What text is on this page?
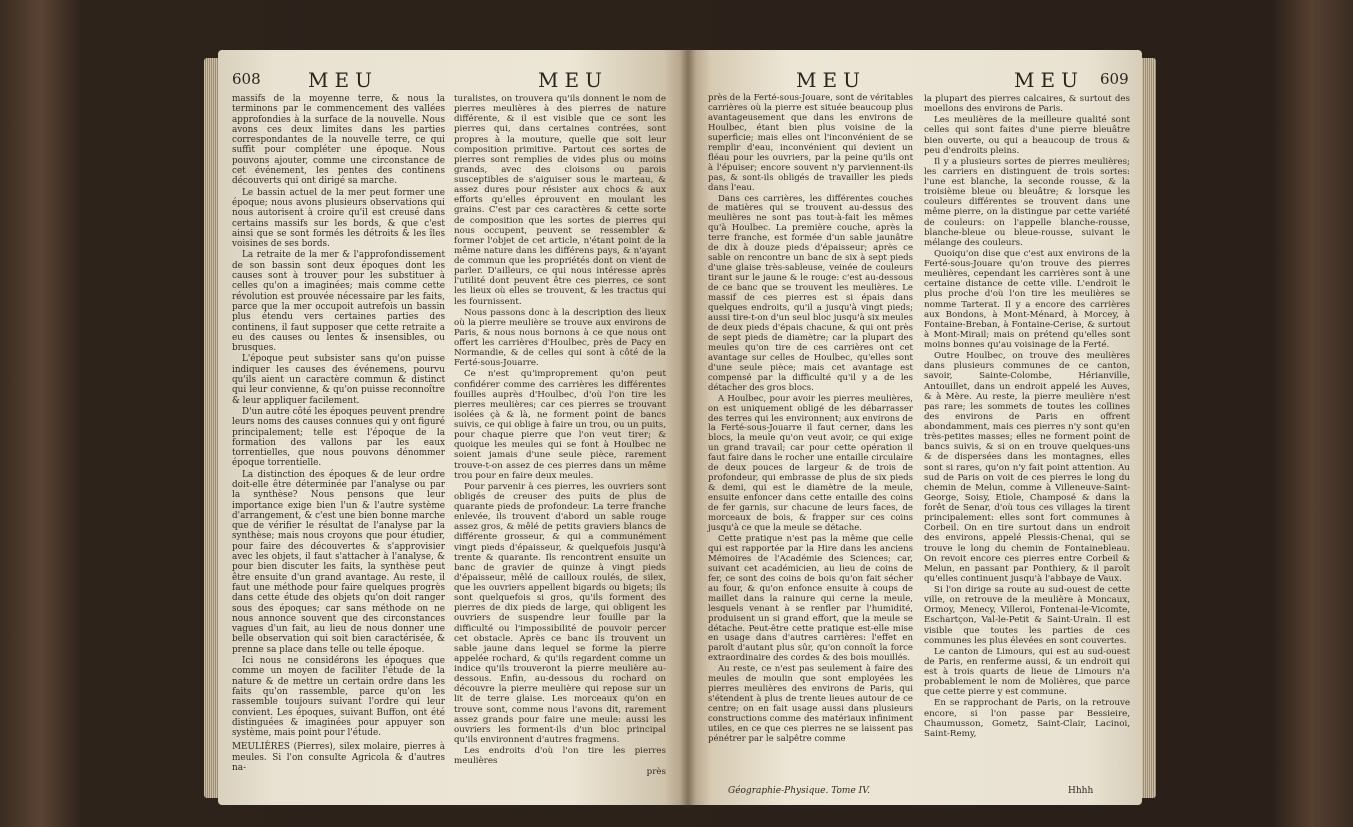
608 MEU	MEU

massifs de la moyenne terre, & nous la terminons par le commencement des vallées approfondies à la surface de la nouvelle. Nous avons ces deux limites dans les parties correspondantes de la nouvelle terre, ce qui suffit pour compléter une époque. Nous pouvons ajouter, comme une circonstance de cet événement, les pentes des continens découverts qui ont dirigé sa marche.

Le bassin actuel de la mer peut former une époque; nous avons plusieurs observations qui nous autorisent à croire qu'il est creusé dans certains massifs sur les bords, & que c'est ainsi que se sont formés les détroits & les îles voisines de ses bords.

La retraite de la mer & l'approfondissement de son bassin sont deux époques dont les causes sont à trouver pour les substituer à celles qu'on a imaginées; mais comme cette révolution est prouvée nécessaire par les faits, parce que la mer occupoit autrefois un bassin plus étendu vers certaines parties des continens, il faut supposer que cette retraite a eu des causes ou lentes & insensibles, ou brusques.

L'époque peut subsister sans qu'on puisse indiquer les causes des événemens, pourvu qu'ils aient un caractère commun & distinct qui leur convienne, & qu'on puisse reconnoître & leur appliquer facilement.

D'un autre côté les époques peuvent prendre leurs noms des causes connues qui y ont figuré principalement; telle est l'époque de la formation des vallons par les eaux torrentielles, que nous pouvons dénommer époque torrentielle.

La distinction des époques & de leur ordre doit-elle être déterminée par l'analyse ou par la synthèse? Nous pensons que leur importance exige bien l'un & l'autre système d'arrangement, & c'est une bien bonne marche que de vérifier le résultat de l'analyse par la synthèse; mais nous croyons que pour étudier, pour faire des découvertes & s'approvisier avec les objets, il faut s'attacher à l'analyse, & pour bien discuter les faits, la synthèse peut être ensuite d'un grand avantage. Au reste, il faut une méthode pour faire quelques progrès dans cette étude des objets qu'on doit ranger sous des époques; car sans méthode on ne nous annonce souvent que des circonstances vagues d'un fait, au lieu de nous donner une belle observation qui soit bien caractérisée, & prenne sa place dans telle ou telle époque.

Ici nous ne considérons les époques que comme un moyen de faciliter l'étude de la nature & de mettre un certain ordre dans les faits qu'on rassemble, parce qu'on les rassemble toujours suivant l'ordre qui leur convient. Les époques, suivant Buffon, ont été distinguées & imaginées pour appuyer son système, mais point pour l'étude.

MEULIÈRES (Pierres), silex molaire, pierres à meules. Si l'on consulte Agricola & d'autres na-

turalistes, on trouvera qu'ils donnent le nom de pierres meulières à des pierres de nature différente, & il est visible que ce sont les pierres qui, dans certaines contrées, sont propres à la mouture, quelle que soit leur composition primitive. Partout ces sortes de pierres sont remplies de vides plus ou moins grands, avec des cloisons ou parois susceptibles de s'aiguiser sous le marteau, & assez dures pour résister aux chocs & aux efforts qu'elles éprouvent en moulant les grains. C'est par ces caractères & cette sorte de composition que les sortes de pierres qui nous occupent, peuvent se ressembler & former l'objet de cet article, n'étant point de la même nature dans les différens pays, & n'ayant de commun que les propriétés dont on vient de parler. D'ailleurs, ce qui nous intéresse après l'utilité dont peuvent être ces pierres, ce sont les lieux où elles se trouvent, & les tractus qui les fournissent.

Nous passons donc à la description des lieux où la pierre meulière se trouve aux environs de Paris, & nous nous bornons à ce que nous ont offert les carrières d'Houlbec, près de Pacy en Normandie, & de celles qui sont à côté de la Ferté-sous-Jouarre.

Ce n'est qu'improprement qu'on peut confidérer comme des carrières les différentes fouilles auprès d'Houlbec, d'où l'on tire les pierres meulières; car ces pierres se trouvant isolées çà & là, ne forment point de bancs suivis, ce qui oblige à faire un trou, ou un puits, pour chaque pierre que l'on veut tirer; & quoique les meules qui se font à Houlbec ne soient jamais d'une seule pièce, rarement trouve-t-on assez de ces pierres dans un même trou pour en faire deux meules.

Pour parvenir à ces pierres, les ouvriers sont obligés de creuser des puits de plus de quarante pieds de profondeur. La terre franche enlevée, ils trouvent d'abord un sable rouge assez gros, & mêlé de petits graviers blancs de différente grosseur, & qui a communément vingt pieds d'épaisseur, & quelquefois jusqu'à trente & quarante. Ils rencontrent ensuite un banc de gravier de quinze à vingt pieds d'épaisseur, mêlé de cailloux roulés, de silex, que les ouvriers appellent bigards ou bigets; ils sont quelquefois si gros, qu'ils forment des pierres de dix pieds de large, qui obligent les ouvriers de suspendre leur fouille par la difficulté ou l'impossibilité de pouvoir percer cet obstacle. Après ce banc ils trouvent un sable jaune dans lequel se forme la pierre appelée rochard, & qu'ils regardent comme un indice qu'ils trouveront la pierre meulière au-dessous. Enfin, au-dessous du rochard on découvre la pierre meulière qui repose sur un lit de terre glaise. Les morceaux qu'on en trouve sont, comme nous l'avons dit, rarement assez grands pour faire une meule: aussi les ouvriers les forment-ils d'un bloc principal qu'ils environnent d'autres fragmens.

Les endroits d'où l'on tire les pierres meulières

près

MEU	MEU 609

près de la Ferté-sous-Jouare, sont de véritables carrières où la pierre est située beaucoup plus avantageusement que dans les environs de Houlbec, étant bien plus voisine de la superficie; mais elles ont l'inconvénient de se remplir d'eau, inconvénient qui devient un fléau pour les ouvriers, par la peine qu'ils ont à l'épuiser; encore souvent n'y parviennent-ils pas, & sont-ils obligés de travailler les pieds dans l'eau.

Dans ces carrières, les différentes couches de matières qui se trouvent au-dessus des meulières ne sont pas tout-à-fait les mêmes qu'à Houlbec. La première couche, après la terre franche, est formée d'un sable jaunâtre de dix à douze pieds d'épaisseur; après ce sable on rencontre un banc de six à sept pieds d'une glaise très-sableuse, veinée de couleurs tirant sur le jaune & le rouge: c'est au-dessous de ce banc que se trouvent les meulières. Le massif de ces pierres est si épais dans quelques endroits, qu'il a jusqu'à vingt pieds; aussi tire-t-on d'un seul bloc jusqu'à six meules de deux pieds d'épais chacune, & qui ont près de sept pieds de diamètre; car la plupart des meules qu'on tire de ces carrières ont cet avantage sur celles de Houlbec, qu'elles sont d'une seule pièce; mais cet avantage est compensé par la difficulté qu'il y a de les détacher des gros blocs.

A Houlbec, pour avoir les pierres meulières, on est uniquement obligé de les débarrasser des terres qui les environnent; aux environs de la Ferté-sous-Jouarre il faut cerner, dans les blocs, la meule qu'on veut avoir, ce qui exige un grand travail; car pour cette opération il faut faire dans le rocher une entaille circulaire de deux pouces de largeur & de trois de profondeur, qui embrasse de plus de six pieds & demi, qui est le diamètre de la meule, ensuite enfoncer dans cette entaille des coins de fer garnis, sur chacune de leurs faces, de morceaux de bois, & frapper sur ces coins jusqu'à ce que la meule se détache.

Cette pratique n'est pas la même que celle qui est rapportée par la Hire dans les anciens Mémoires de l'Académie des Sciences; car, suivant cet académicien, au lieu de coins de fer, ce sont des coins de bois qu'on fait sécher au four, & qu'on enfonce ensuite à coups de maillet dans la rainure qui cerne la meule, lesquels venant à se renfler par l'humidité, produisent un si grand effort, que la meule se détache. Peut-être cette pratique est-elle mise en usage dans d'autres carrières: l'effet en paroît d'autant plus sûr, qu'on connoît la force extraordinaire des cordes & des bois mouillés.

Au reste, ce n'est pas seulement à faire des meules de moulin que sont employées les pierres meulières des environs de Paris, qui s'étendent à plus de trente lieues autour de ce centre; on en fait usage aussi dans plusieurs constructions comme des matériaux infiniment utiles, en ce que ces pierres ne se laissent pas pénétrer par le salpêtre comme

la plupart des pierres calcaires, & surtout des moellons des environs de Paris.

Les meulières de la meilleure qualité sont celles qui sont faites d'une pierre bleuâtre bien ouverte, ou qui a beaucoup de trous & peu d'endroits pleins.

Il y a plusieurs sortes de pierres meulières; les carriers en distinguent de trois sortes: l'une est blanche, la seconde rousse, & la troisième bleue ou bleuâtre; & lorsque les couleurs différentes se trouvent dans une même pierre, on la distingue par cette variété de couleurs: on l'appelle blanche-rousse, blanche-bleue ou bleue-rousse, suivant le mélange des couleurs.

Quoiqu'on dise que c'est aux environs de la Ferté-sous-Jouare qu'on trouve des pierres meulières, cependant les carrières sont à une certaine distance de cette ville. L'endroit le plus proche d'où l'on tire les meulières se nomme Tarterat. Il y a encore des carrières aux Bondons, à Mont-Ménard, à Morcey, à Fontaine-Breban, à Fontaine-Cerise, & surtout à Mont-Mirail; mais on prétend qu'elles sont moins bonnes qu'au voisinage de la Ferté.

Outre Houlbec, on trouve des meulières dans plusieurs communes de ce canton, savoir, Sainte-Colombe, Hérianville, Antouillet, dans un endroit appelé les Auves, & à Mère. Au reste, la pierre meulière n'est pas rare; les sommets de toutes les collines des environs de Paris en offrent abondamment, mais ces pierres n'y sont qu'en très-petites masses; elles ne forment point de bancs suivis, & si on en trouve quelques-uns & de dispersées dans les montagnes, elles sont si rares, qu'on n'y fait point attention. Au sud de Paris on voit de ces pierres le long du chemin de Melun, comme à Villeneuve-Saint-George, Soisy, Etiole, Champosé & dans la forêt de Senar, d'où tous ces villages la tirent principalement: elles sont fort communes à Corbeil. On en tire surtout dans un endroit des environs, appelé Plessis-Chenai, qui se trouve le long du chemin de Fontainebleau. On revoit encore ces pierres entre Corbeil & Melun, en passant par Ponthiery, & il paroît qu'elles continuent jusqu'à l'abbaye de Vaux.

Si l'on dirige sa route au sud-ouest de cette ville, on retrouve de la meulière à Moncaux, Ormoy, Menecy, Villeroi, Fontenai-le-Vicomte, Eschartçon, Val-le-Petit & Saint-Urain. Il est visible que toutes les parties de ces communes les plus élevées en sont couvertes.

Le canton de Limours, qui est au sud-ouest de Paris, en renferme aussi, & un endroit qui est à trois quarts de lieue de Limours n'a probablement le nom de Molières, que parce que cette pierre y est commune.

En se rapprochant de Paris, on la retrouve encore, si l'on passe par Bessieire, Chaumusson, Gometz, Saint-Clair, Lacinoi, Saint-Remy,

Géographie-Physique. Tome IV.	Hhhh
